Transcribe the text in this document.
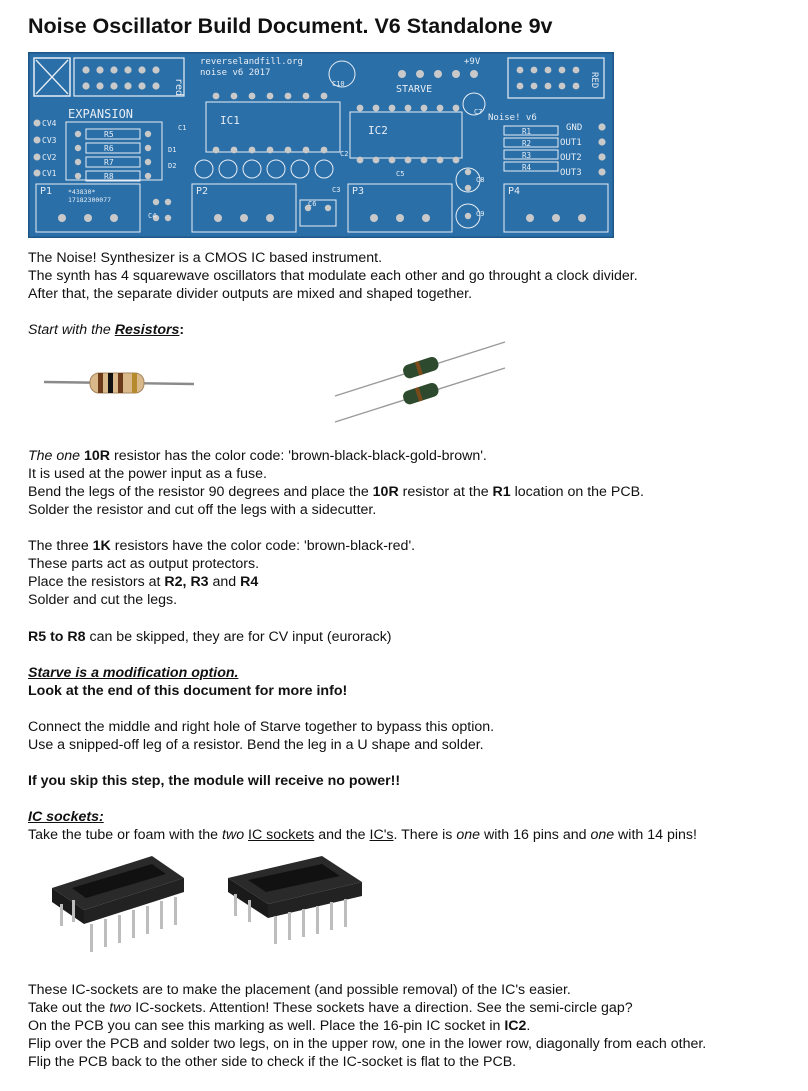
Noise Oscillator Build Document. V6 Standalone 9v
red
reverselandfill.org
noise v6 2017
EXPANSION
CV4
CV3
CV2
CV1
R5
R6
R7
R8
D1
D2
IC1
C10
IC2
STARVE
+9V
RED
Noise! v6
R1
R2
R3
R4
GND
OUT1
OUT2
OUT3
P1	P2	P3	P4
*43830*
17182300077
C1
C2
C3
C4
C5
C6
C7
C8
C9
The Noise! Synthesizer is a CMOS IC based instrument.
The synth has 4 squarewave oscillators that modulate each other and go throught a clock divider.
After that, the separate divider outputs are mixed and shaped together.
Start with the Resistors:
The one 10R resistor has the color code: 'brown-black-black-gold-brown'.
It is used at the power input as a fuse.
Bend the legs of the resistor 90 degrees and place the 10R resistor at the R1 location on the PCB.
Solder the resistor and cut off the legs with a sidecutter.
The three 1K resistors have the color code: 'brown-black-red'.
These parts act as output protectors.
Place the resistors at R2, R3 and R4
Solder and cut the legs.
R5 to R8 can be skipped, they are for CV input (eurorack)
Starve is a modification option.
Look at the end of this document for more info!
Connect the middle and right hole of Starve together to bypass this option.
Use a snipped-off leg of a resistor. Bend the leg in a U shape and solder.
If you skip this step, the module will receive no power!!
IC sockets:
Take the tube or foam with the two IC sockets and the IC's. There is one with 16 pins and one with 14 pins!
These IC-sockets are to make the placement (and possible removal) of the IC's easier.
Take out the two IC-sockets. Attention! These sockets have a direction. See the semi-circle gap?
On the PCB you can see this marking as well. Place the 16-pin IC socket in IC2.
Flip over the PCB and solder two legs, on in the upper row, one in the lower row, diagonally from each other.
Flip the PCB back to the other side to check if the IC-socket is flat to the PCB.
